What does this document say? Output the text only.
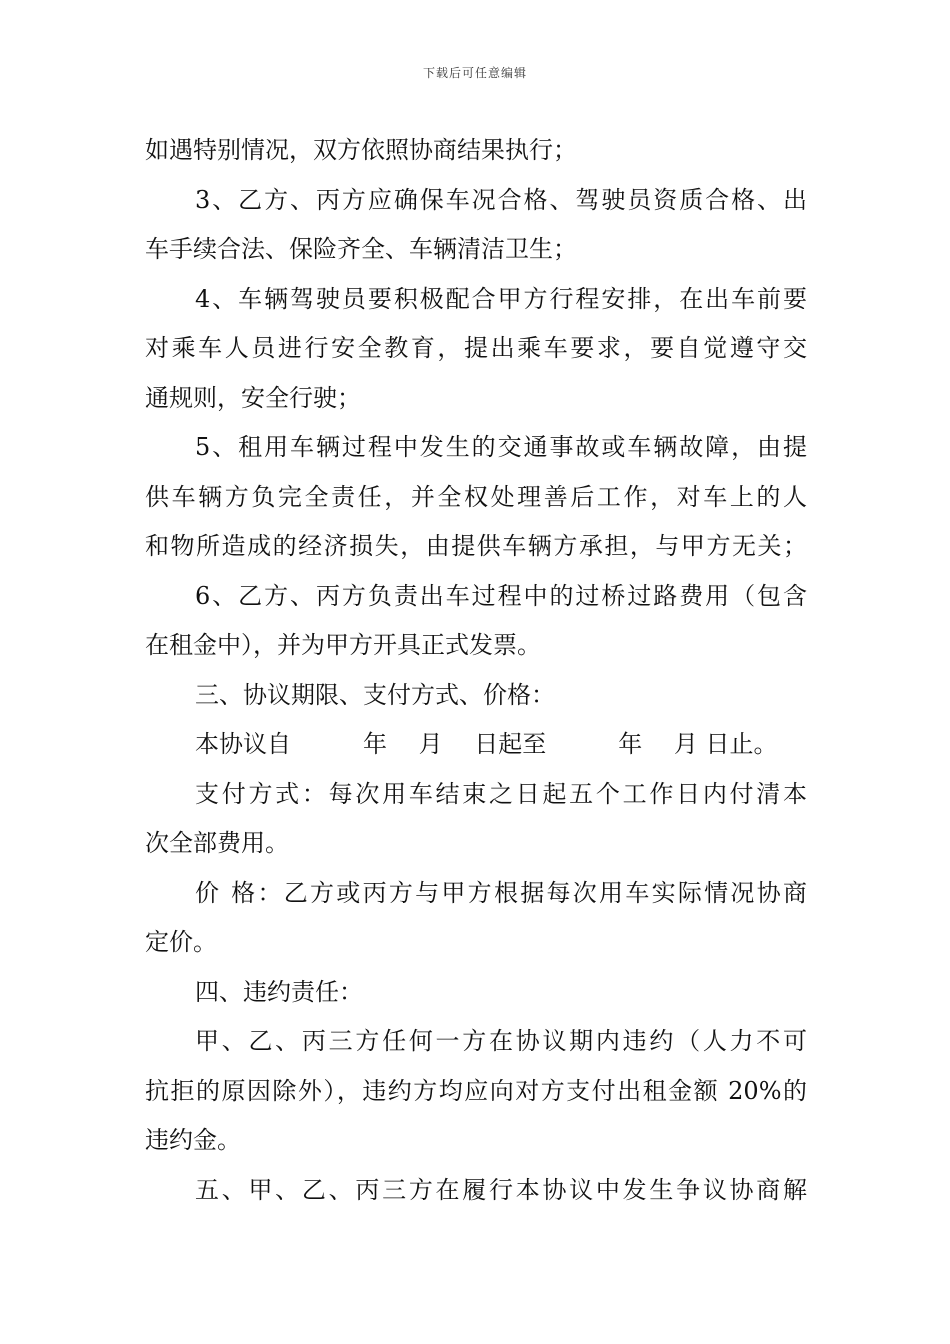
下载后可任意编辑
如遇特别情况，双方依照协商结果执行；
3、乙方、丙方应确保车况合格、驾驶员资质合格、出
车手续合法、保险齐全、车辆清洁卫生；
4、车辆驾驶员要积极配合甲方行程安排，在出车前要
对乘车人员进行安全教育，提出乘车要求，要自觉遵守交
通规则，安全行驶；
5、租用车辆过程中发生的交通事故或车辆故障，由提
供车辆方负完全责任，并全权处理善后工作，对车上的人
和物所造成的经济损失，由提供车辆方承担，与甲方无关；
6、乙方、丙方负责出车过程中的过桥过路费用（包含
在租金中），并为甲方开具正式发票。
三、协议期限、支付方式、价格：
本协议自　　　年　 月　 日起至　　　年　 月 日止。
支付方式：每次用车结束之日起五个工作日内付清本
次全部费用。
价 格：乙方或丙方与甲方根据每次用车实际情况协商
定价。
四、违约责任：
甲、乙、丙三方任何一方在协议期内违约（人力不可
抗拒的原因除外），违约方均应向对方支付出租金额 20%的
违约金。
五、甲、乙、丙三方在履行本协议中发生争议协商解
